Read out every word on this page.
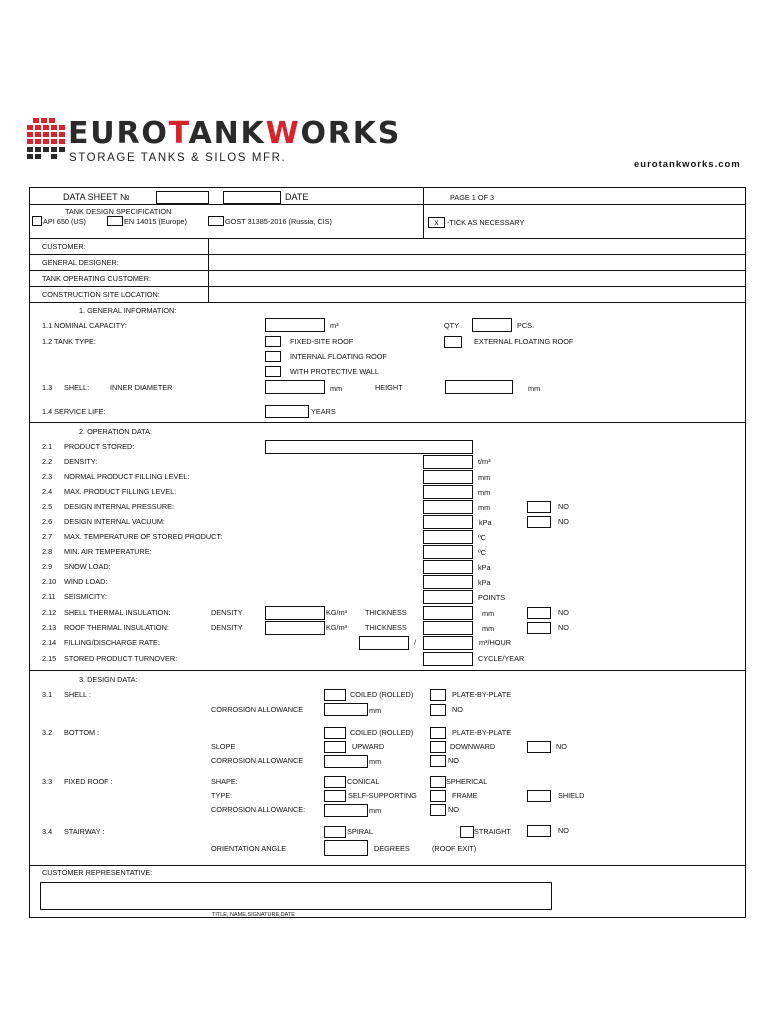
EUROTANKWORKS
STORAGE TANKS & SILOS MFR.
eurotankworks.com
DATA SHEET №	DATE	PAGE 1 OF 3
TANK DESIGN SPECIFICATION
API 650 (US)	EN 14015 (Europe)	GOST 31385-2016 (Russia, CIS)	x	-TICK AS NECESSARY
CUSTOMER:
GENERAL DESIGNER:
TANK OPERATING CUSTOMER:
CONSTRUCTION SITE LOCATION:
1. GENERAL INFORMATION:
1.1 NOMINAL CAPACITY:	m³	QTY	PCS.
1.2 TANK TYPE:	FIXED-SITE ROOF	EXTERNAL FLOATING ROOF
INTERNAL FLOATING ROOF
WITH PROTECTIVE WALL
1.3 SHELL:	INNER DIAMETER	mm	HEIGHT	mm
1.4 SERVICE LIFE:	YEARS
2. OPERATION DATA:
2.1 PRODUCT STORED:
2.2 DENSITY:	t/m³
2.3 NORMAL PRODUCT FILLING LEVEL:	mm
2.4 MAX. PRODUCT FILLING LEVEL:	mm
2.5 DESIGN INTERNAL PRESSURE:	mm	NO
2.6 DESIGN INTERNAL VACUUM:	kPa	NO
2.7 MAX. TEMPERATURE OF STORED PRODUCT:	ºC
2.8 MIN. AIR TEMPERATURE:	ºC
2.9 SNOW LOAD:	kPa
2.10 WIND LOAD:	kPa
2.11 SEISMICITY:	POINTS
2.12 SHELL THERMAL INSULATION:	DENSITY	KG/m³ THICKNESS	mm	NO
2.13 ROOF THERMAL INSULATION:	DENSITY	KG/m³ THICKNESS	mm	NO
2.14 FILLING/DISCHARGE RATE:	/	m³/HOUR
2.15 STORED PRODUCT TURNOVER:	CYCLE/YEAR
3. DESIGN DATA:
3.1 SHELL :	COILED (ROLLED)	PLATE-BY-PLATE
CORROSION ALLOWANCE	mm	NO
3.2 BOTTOM :	COILED (ROLLED)	PLATE-BY-PLATE
SLOPE	UPWARD	DOWNWARD	NO
CORROSION ALLOWANCE	mm	NO
3.3 FIXED ROOF :	SHAPE:	CONICAL	SPHERICAL
TYPE:	SELF-SUPPORTING	FRAME	SHIELD
CORROSION ALLOWANCE:	mm	NO
3.4 STAIRWAY :	SPIRAL	STRAIGHT	NO
ORIENTATION ANGLE	DEGREES	(ROOF EXIT)
CUSTOMER REPRESENTATIVE:
TITLE, NAME,SIGNATURE,DATE
